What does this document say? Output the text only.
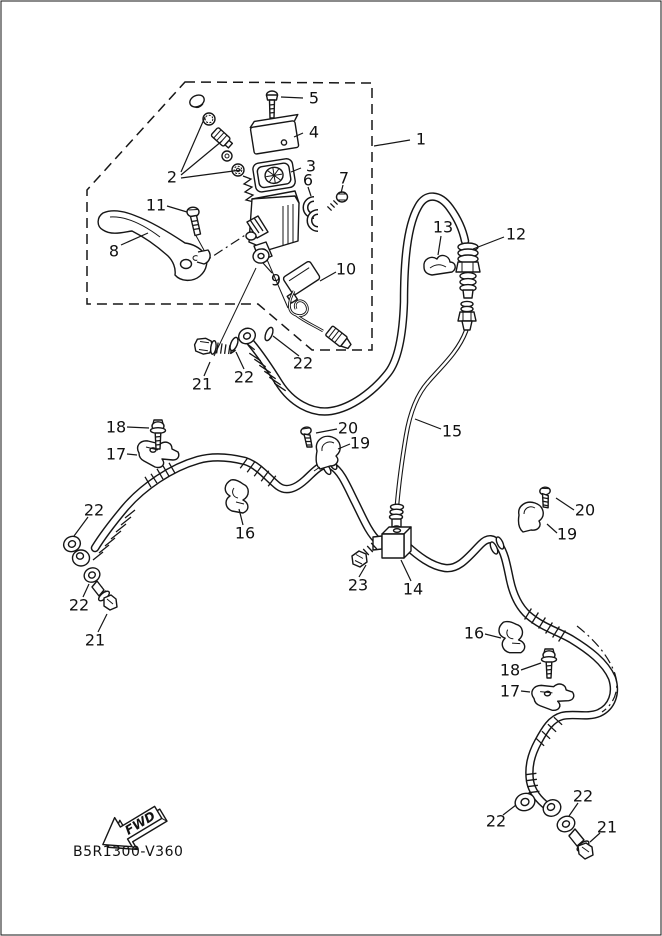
FWD
B5R1300-V360
5
4	1
3
2	6 7
11
8
9
10
13	12
21 22
22
15
18
17
20
19
22
16
20
19
23 14
22
21	16
18
17
22
22
21
